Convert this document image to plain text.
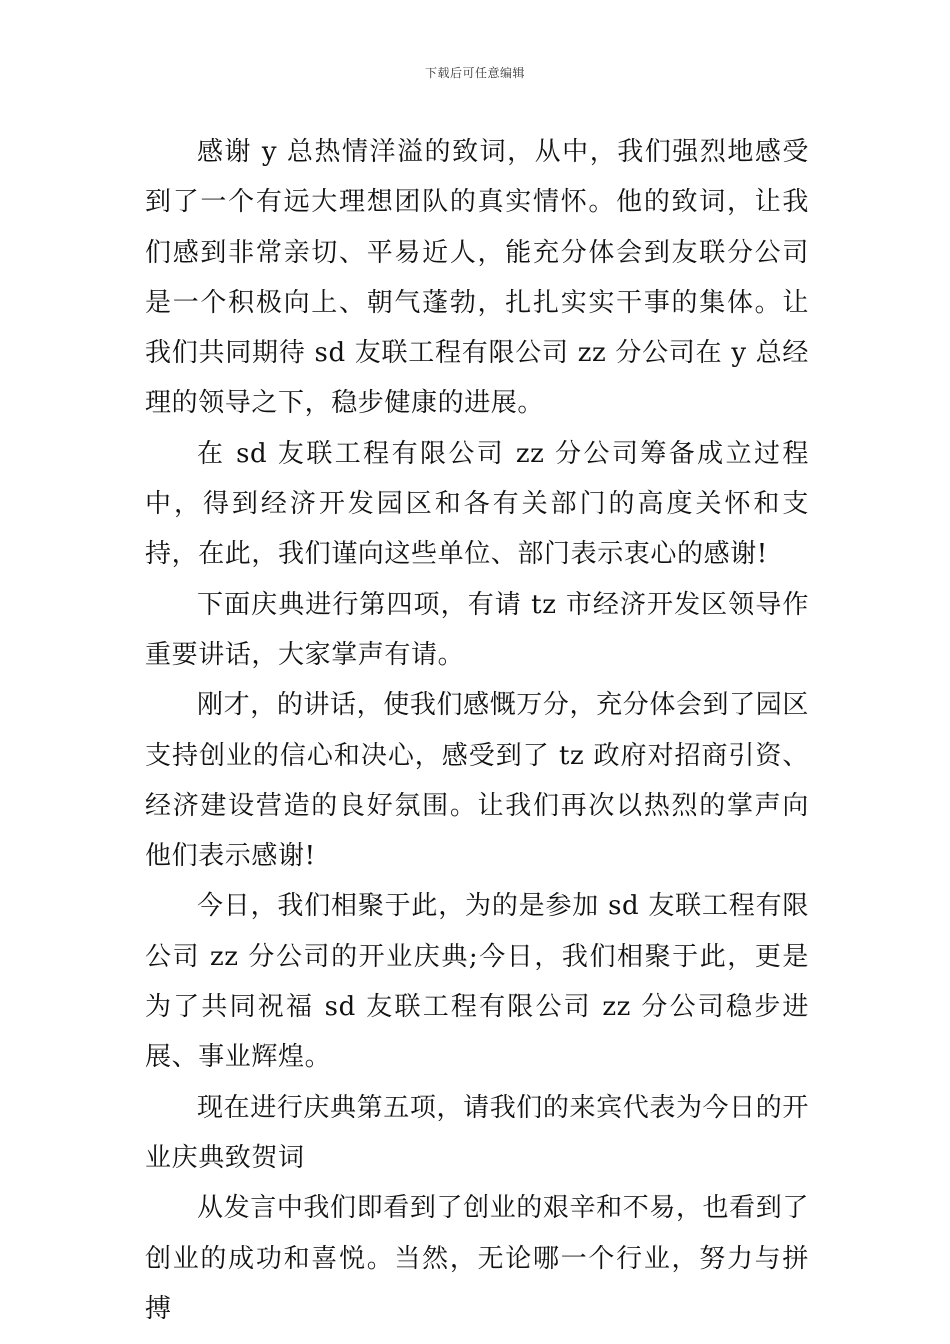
下载后可任意编辑

感谢 y 总热情洋溢的致词，从中，我们强烈地感受到了一个有远大理想团队的真实情怀。他的致词，让我们感到非常亲切、平易近人，能充分体会到友联分公司是一个积极向上、朝气蓬勃，扎扎实实干事的集体。让我们共同期待 sd 友联工程有限公司 zz 分公司在 y 总经理的领导之下，稳步健康的进展。

在 sd 友联工程有限公司 zz 分公司筹备成立过程中，得到经济开发园区和各有关部门的高度关怀和支持，在此，我们谨向这些单位、部门表示衷心的感谢!

下面庆典进行第四项，有请 tz 市经济开发区领导作重要讲话，大家掌声有请。

刚才，的讲话，使我们感慨万分，充分体会到了园区支持创业的信心和决心，感受到了 tz 政府对招商引资、经济建设营造的良好氛围。让我们再次以热烈的掌声向他们表示感谢!

今日，我们相聚于此，为的是参加 sd 友联工程有限公司 zz 分公司的开业庆典;今日，我们相聚于此，更是为了共同祝福 sd 友联工程有限公司 zz 分公司稳步进展、事业辉煌。

现在进行庆典第五项，请我们的来宾代表为今日的开业庆典致贺词

从发言中我们即看到了创业的艰辛和不易，也看到了创业的成功和喜悦。当然，无论哪一个行业，努力与拼搏
